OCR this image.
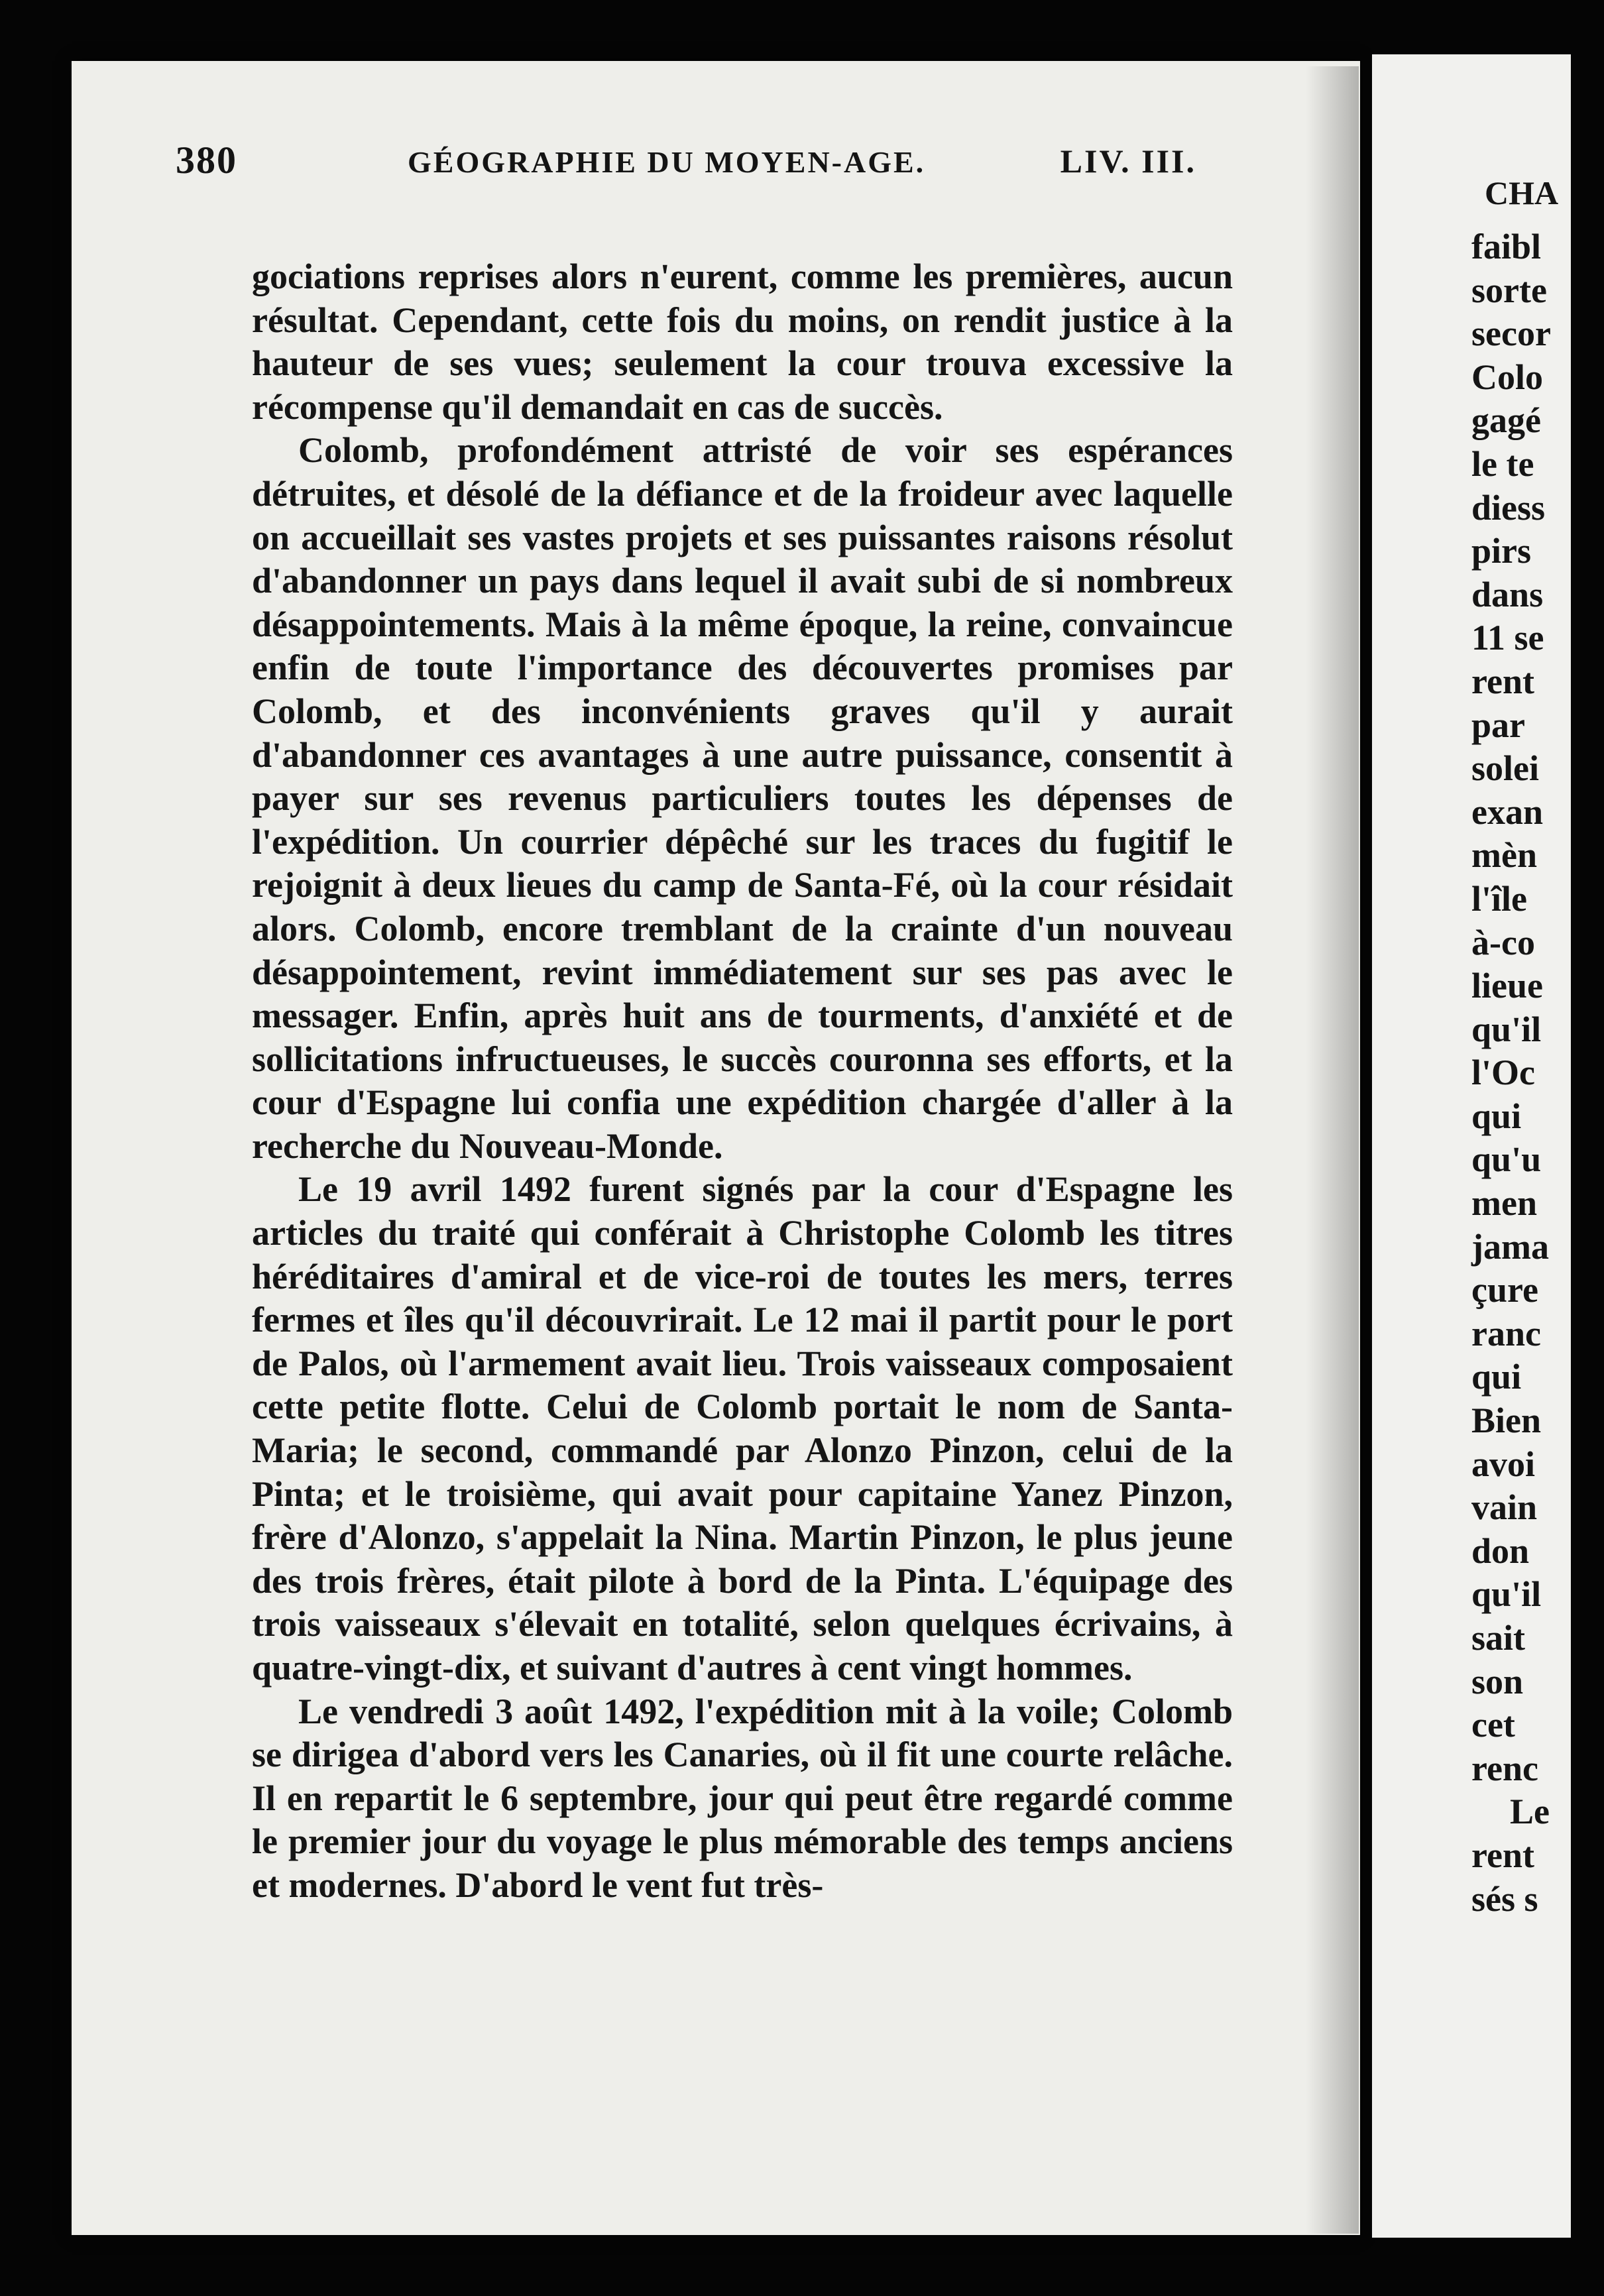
380	GÉOGRAPHIE DU MOYEN-AGE.	LIV. III.

gociations reprises alors n'eurent, comme les premières, aucun résultat. Cependant, cette fois du moins, on rendit justice à la hauteur de ses vues; seulement la cour trouva excessive la récompense qu'il demandait en cas de succès.

Colomb, profondément attristé de voir ses espérances détruites, et désolé de la défiance et de la froideur avec laquelle on accueillait ses vastes projets et ses puissantes raisons résolut d'abandonner un pays dans lequel il avait subi de si nombreux désappointements. Mais à la même époque, la reine, convaincue enfin de toute l'importance des découvertes promises par Colomb, et des inconvénients graves qu'il y aurait d'abandonner ces avantages à une autre puissance, consentit à payer sur ses revenus particuliers toutes les dépenses de l'expédition. Un courrier dépêché sur les traces du fugitif le rejoignit à deux lieues du camp de Santa-Fé, où la cour résidait alors. Colomb, encore tremblant de la crainte d'un nouveau désappointement, revint immédiatement sur ses pas avec le messager. Enfin, après huit ans de tourments, d'anxiété et de sollicitations infructueuses, le succès couronna ses efforts, et la cour d'Espagne lui confia une expédition chargée d'aller à la recherche du Nouveau-Monde.

Le 19 avril 1492 furent signés par la cour d'Espagne les articles du traité qui conférait à Christophe Colomb les titres héréditaires d'amiral et de vice-roi de toutes les mers, terres fermes et îles qu'il découvrirait. Le 12 mai il partit pour le port de Palos, où l'armement avait lieu. Trois vaisseaux composaient cette petite flotte. Celui de Colomb portait le nom de Santa-Maria; le second, commandé par Alonzo Pinzon, celui de la Pinta; et le troisième, qui avait pour capitaine Yanez Pinzon, frère d'Alonzo, s'appelait la Nina. Martin Pinzon, le plus jeune des trois frères, était pilote à bord de la Pinta. L'équipage des trois vaisseaux s'élevait en totalité, selon quelques écrivains, à quatre-vingt-dix, et suivant d'autres à cent vingt hommes.

Le vendredi 3 août 1492, l'expédition mit à la voile; Colomb se dirigea d'abord vers les Canaries, où il fit une courte relâche. Il en repartit le 6 septembre, jour qui peut être regardé comme le premier jour du voyage le plus mémorable des temps anciens et modernes. D'abord le vent fut très-

CHA
faibl
sorte
secor
Colo
gagé
le te
diess
pirs
dans
11 se
rent
par
solei
exan
mèn
l'île
à-co
lieue
qu'il
l'Oc
qui
qu'u
men
jama
çure
ranc
qui
Bien
avoi
vain
don
qu'il
sait
son
cet
renc
Le
rent
sés s
